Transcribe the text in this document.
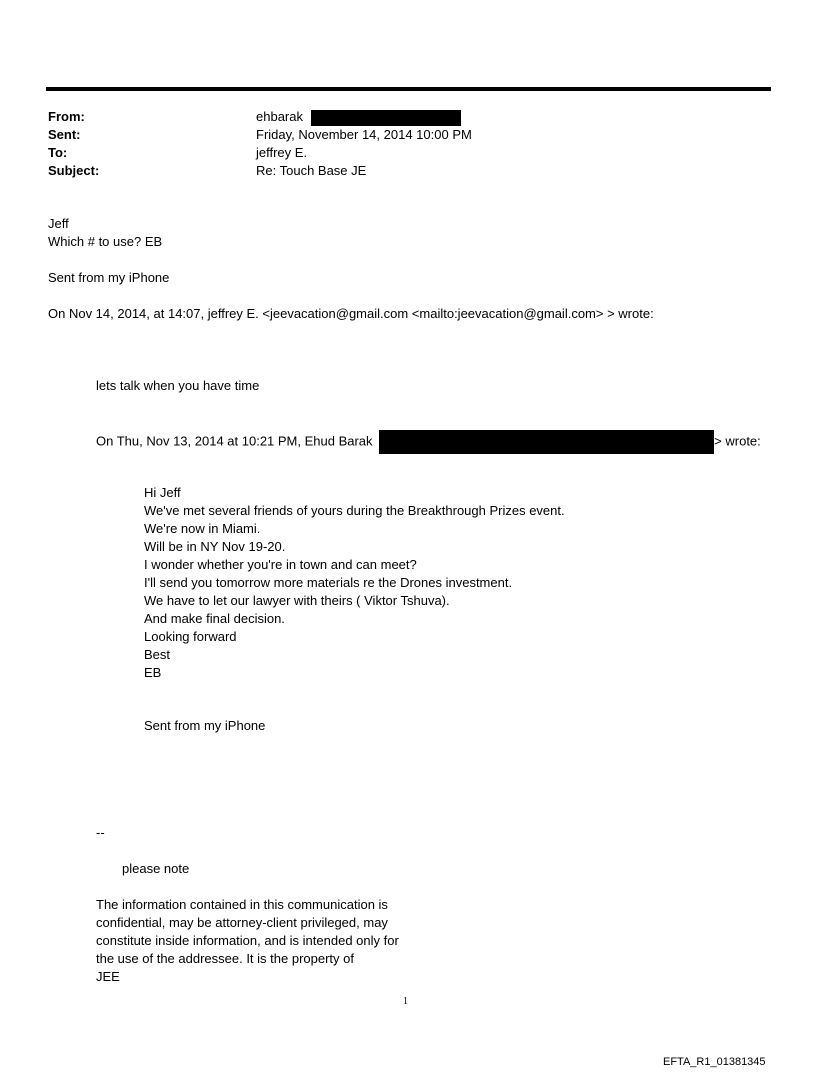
From:	ehbarak
Sent:	Friday, November 14, 2014 10:00 PM
To:	jeffrey E.
Subject:	Re: Touch Base JE
Jeff
Which # to use? EB
Sent from my iPhone
On Nov 14, 2014, at 14:07, jeffrey E. <jeevacation@gmail.com <mailto:jeevacation@gmail.com> > wrote:
lets talk when you have time
On Thu, Nov 13, 2014 at 10:21 PM, Ehud Barak	> wrote:
Hi Jeff
We've met several friends of yours during the Breakthrough Prizes event.
We're now in Miami.
Will be in NY Nov 19-20.
I wonder whether you're in town and can meet?
I'll send you tomorrow more materials re the Drones investment.
We have to let our lawyer with theirs ( Viktor Tshuva).
And make final decision.
Looking forward
Best
EB
Sent from my iPhone
--
please note
The information contained in this communication is
confidential, may be attorney-client privileged, may
constitute inside information, and is intended only for
the use of the addressee. It is the property of
JEE
1
EFTA_R1_01381345
